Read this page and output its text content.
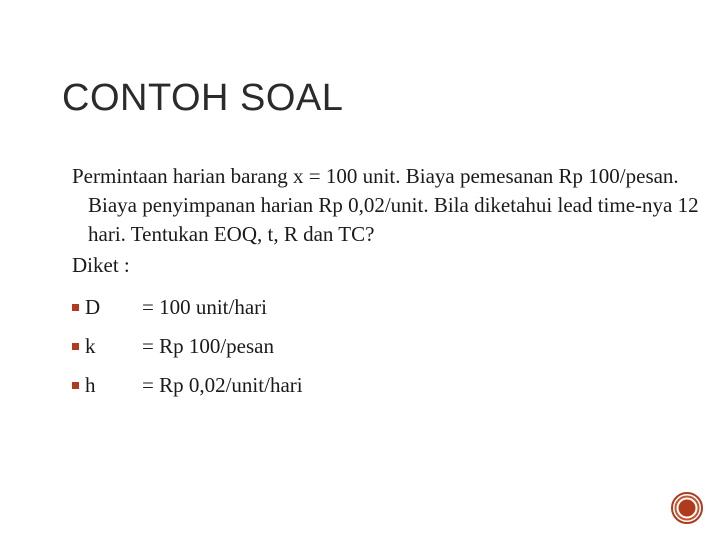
CONTOH SOAL

Permintaan harian barang x = 100 unit. Biaya pemesanan Rp 100/pesan. Biaya penyimpanan harian Rp 0,02/unit. Bila diketahui lead time-nya 12 hari. Tentukan EOQ, t, R dan TC?

Diket :

D	= 100 unit/hari
k	= Rp 100/pesan
h	= Rp 0,02/unit/hari
